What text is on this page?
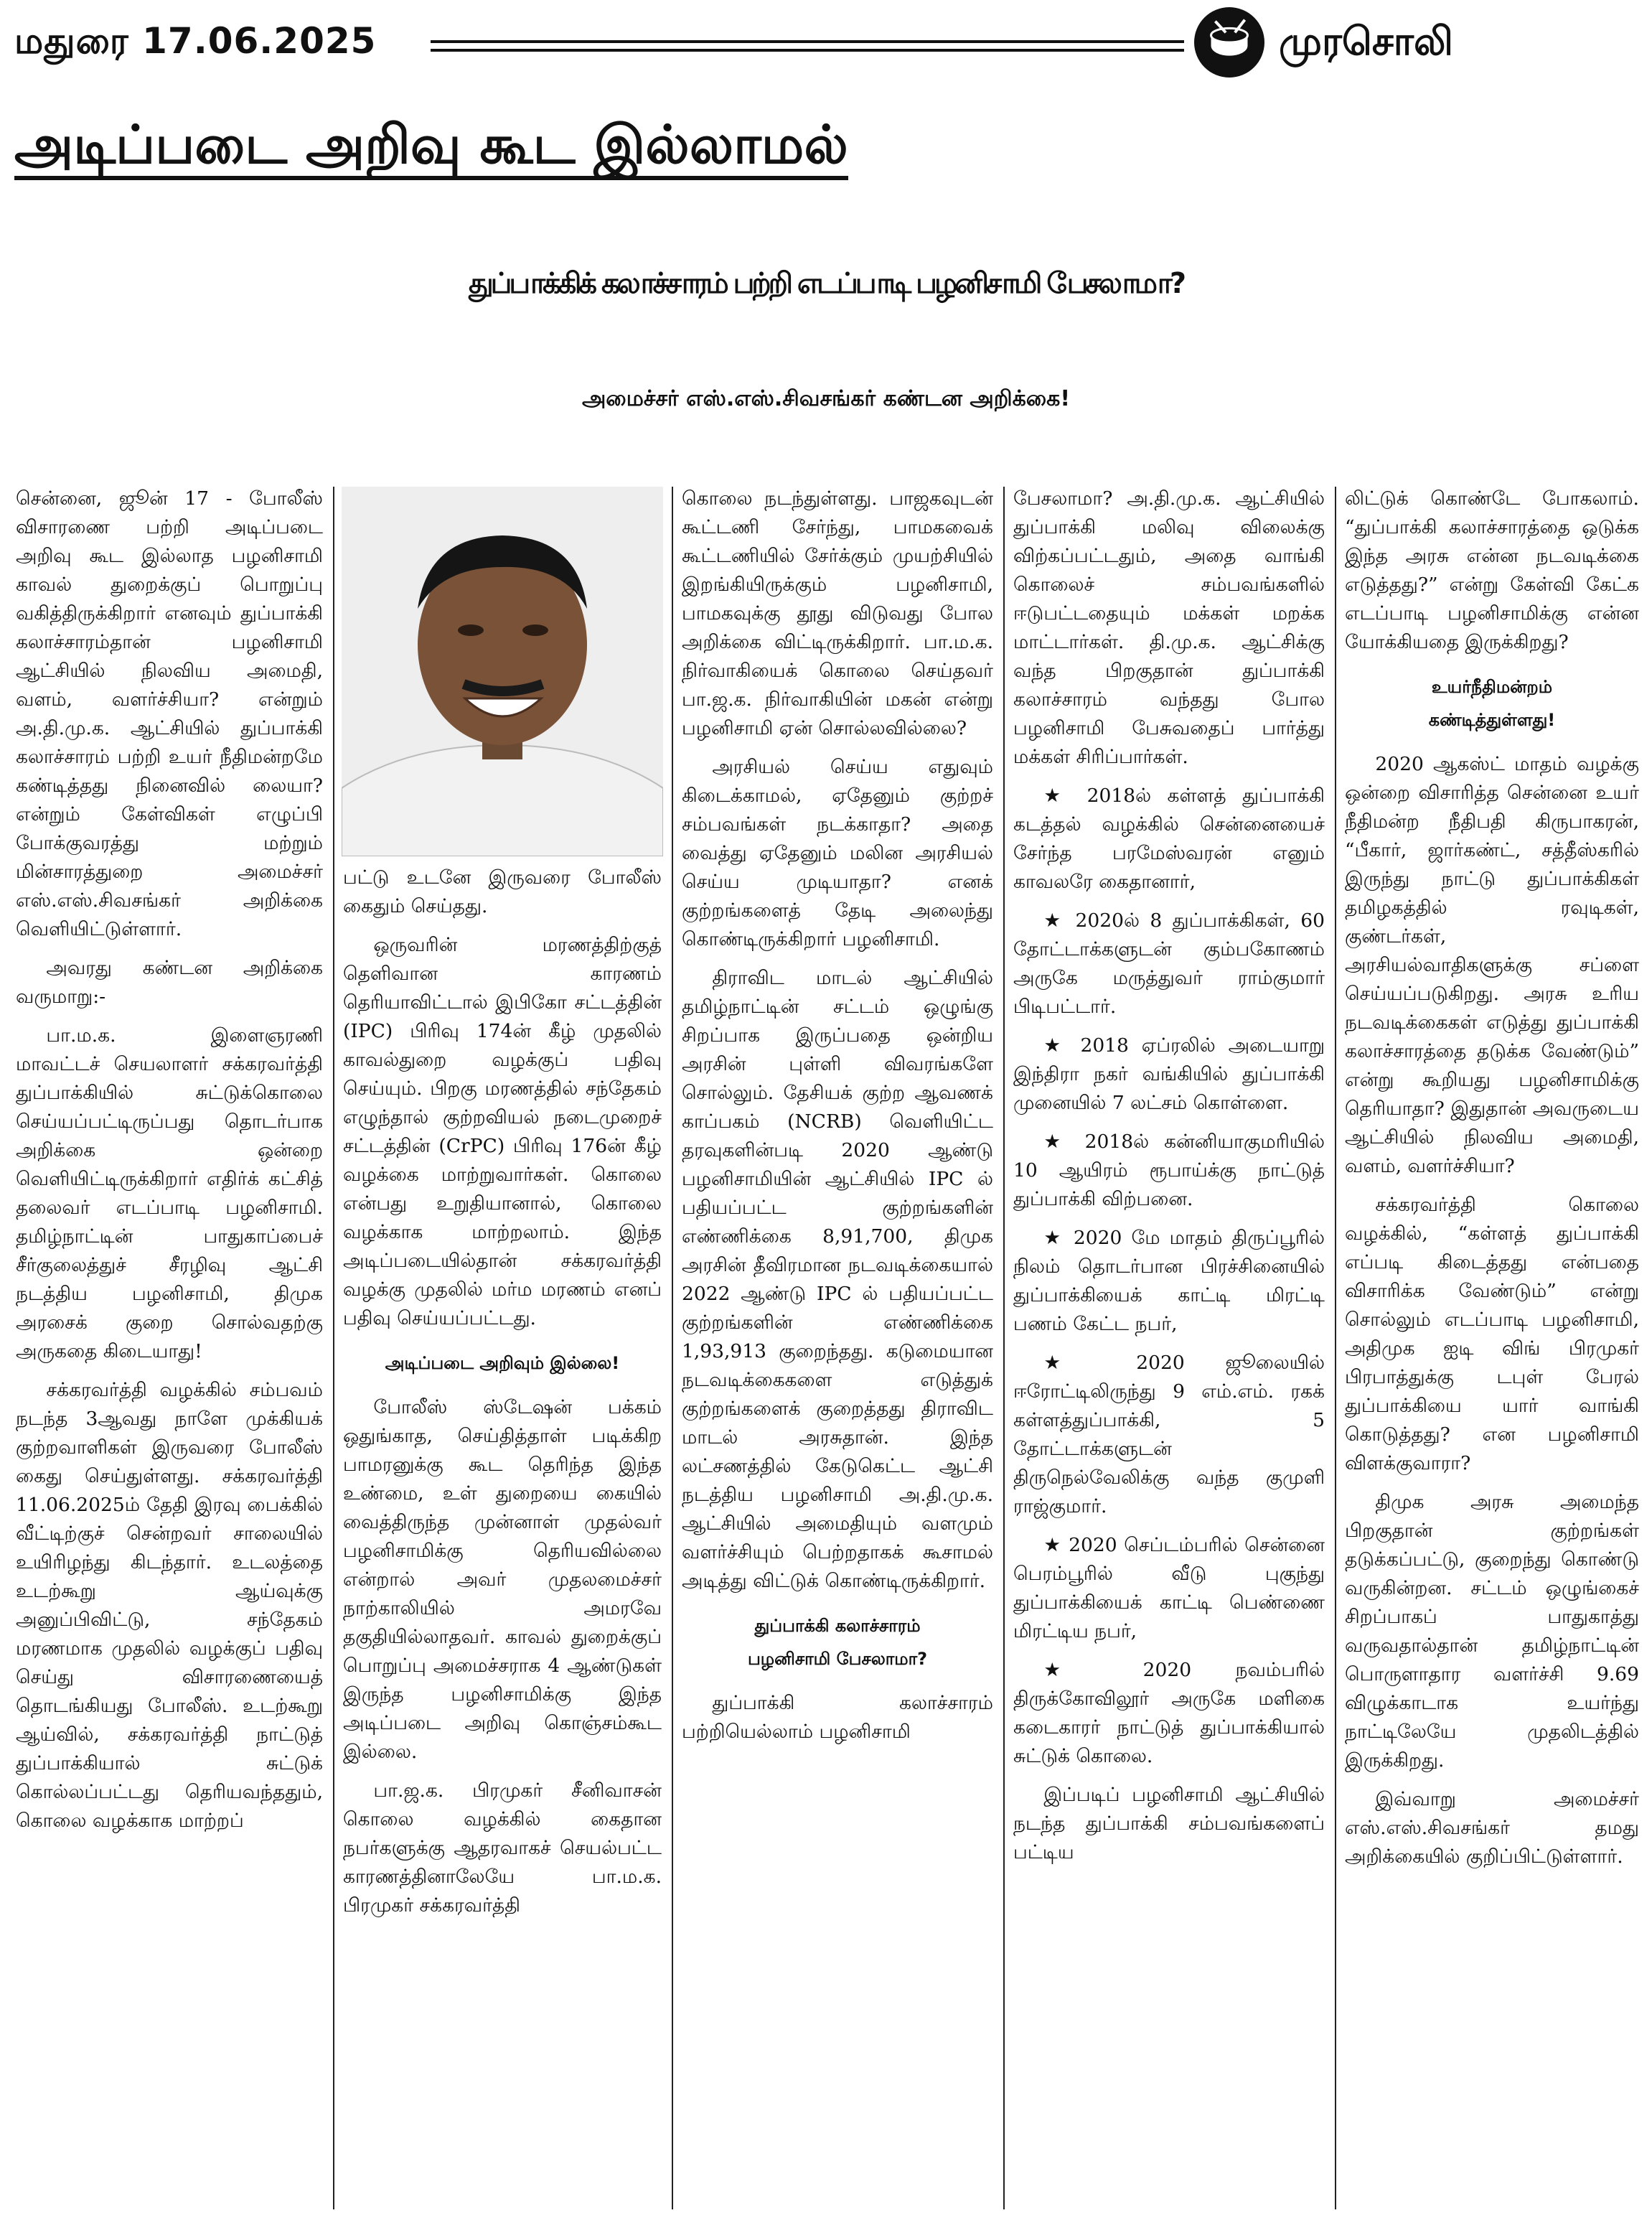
மதுரை 17.06.2025	முரசொலி
அடிப்படை அறிவு கூட இல்லாமல்
துப்பாக்கிக் கலாச்சாரம் பற்றி எடப்பாடி பழனிசாமி பேசலாமா?
அமைச்சர் எஸ்.எஸ்.சிவசங்கர் கண்டன அறிக்கை!

சென்னை, ஜூன் 17 - போலீஸ் விசாரணை பற்றி அடிப்படை அறிவு கூட இல்லாத பழனிசாமி காவல் துறைக்குப் பொறுப்பு வகித்திருக்கிறார் எனவும் துப்பாக்கி கலாச்சாரம்தான் பழனிசாமி ஆட்சியில் நிலவிய அமைதி, வளம், வளர்ச்சியா? என்றும் அ.தி.மு.க. ஆட்சியில் துப்பாக்கி கலாச்சாரம் பற்றி உயர் நீதிமன்றமே கண்டித்தது நினைவில் லையா? என்றும் கேள்விகள் எழுப்பி போக்குவரத்து மற்றும் மின்சாரத்துறை அமைச்சர் எஸ்.எஸ்.சிவசங்கர் அறிக்கை வெளியிட்டுள்ளார்.

அவரது கண்டன அறிக்கை வருமாறு:-

பா.ம.க. இளைஞரணி மாவட்டச் செயலாளர் சக்கரவர்த்தி துப்பாக்கியில் சுட்டுக்கொலை செய்யப்பட்டிருப்பது தொடர்பாக அறிக்கை ஒன்றை வெளியிட்டிருக்கிறார் எதிர்க் கட்சித் தலைவர் எடப்பாடி பழனிசாமி. தமிழ்நாட்டின் பாதுகாப்பைச் சீர்குலைத்துச் சீரழிவு ஆட்சி நடத்திய பழனிசாமி, திமுக அரசைக் குறை சொல்வதற்கு அருகதை கிடையாது!

சக்கரவர்த்தி வழக்கில் சம்பவம் நடந்த 3ஆவது நாளே முக்கியக் குற்றவாளிகள் இருவரை போலீஸ் கைது செய்துள்ளது. சக்கரவர்த்தி 11.06.2025ம் தேதி இரவு பைக்கில் வீட்டிற்குச் சென்றவர் சாலையில் உயிரிழந்து கிடந்தார். உடலத்தை உடற்கூறு ஆய்வுக்கு அனுப்பிவிட்டு, சந்தேகம் மரணமாக முதலில் வழக்குப் பதிவு செய்து விசாரணையைத் தொடங்கியது போலீஸ். உடற்கூறு ஆய்வில், சக்கரவர்த்தி நாட்டுத் துப்பாக்கியால் சுட்டுக் கொல்லப்பட்டது தெரியவந்ததும், கொலை வழக்காக மாற்றப்

பட்டு உடனே இருவரை போலீஸ் கைதும் செய்தது.

ஒருவரின் மரணத்திற்குத் தெளிவான காரணம் தெரியாவிட்டால் இபிகோ சட்டத்தின் (IPC) பிரிவு 174ன் கீழ் முதலில் காவல்துறை வழக்குப் பதிவு செய்யும். பிறகு மரணத்தில் சந்தேகம் எழுந்தால் குற்றவியல் நடைமுறைச் சட்டத்தின் (CrPC) பிரிவு 176ன் கீழ் வழக்கை மாற்றுவார்கள். கொலை என்பது உறுதியானால், கொலை வழக்காக மாற்றலாம். இந்த அடிப்படையில்தான் சக்கரவர்த்தி வழக்கு முதலில் மர்ம மரணம் எனப் பதிவு செய்யப்பட்டது.

அடிப்படை அறிவும் இல்லை!

போலீஸ் ஸ்டேஷன் பக்கம் ஒதுங்காத, செய்தித்தாள் படிக்கிற பாமரனுக்கு கூட தெரிந்த இந்த உண்மை, உள் துறையை கையில் வைத்திருந்த முன்னாள் முதல்வர் பழனிசாமிக்கு தெரியவில்லை என்றால் அவர் முதலமைச்சர் நாற்காலியில் அமரவே தகுதியில்லாதவர். காவல் துறைக்குப் பொறுப்பு அமைச்சராக 4 ஆண்டுகள் இருந்த பழனிசாமிக்கு இந்த அடிப்படை அறிவு கொஞ்சம்கூட இல்லை.

பா.ஜ.க. பிரமுகர் சீனிவாசன் கொலை வழக்கில் கைதான நபர்களுக்கு ஆதரவாகச் செயல்பட்ட காரணத்தினாலேயே பா.ம.க. பிரமுகர் சக்கரவர்த்தி

கொலை நடந்துள்ளது. பாஜகவுடன் கூட்டணி சேர்ந்து, பாமகவைக் கூட்டணியில் சேர்க்கும் முயற்சியில் இறங்கியிருக்கும் பழனிசாமி, பாமகவுக்கு தூது விடுவது போல அறிக்கை விட்டிருக்கிறார். பா.ம.க. நிர்வாகியைக் கொலை செய்தவர் பா.ஜ.க. நிர்வாகியின் மகன் என்று பழனிசாமி ஏன் சொல்லவில்லை?

அரசியல் செய்ய எதுவும் கிடைக்காமல், ஏதேனும் குற்றச் சம்பவங்கள் நடக்காதா? அதை வைத்து ஏதேனும் மலின அரசியல் செய்ய முடியாதா? எனக் குற்றங்களைத் தேடி அலைந்து கொண்டிருக்கிறார் பழனிசாமி.

திராவிட மாடல் ஆட்சியில் தமிழ்நாட்டின் சட்டம் ஒழுங்கு சிறப்பாக இருப்பதை ஒன்றிய அரசின் புள்ளி விவரங்களே சொல்லும். தேசியக் குற்ற ஆவணக் காப்பகம் (NCRB) வெளியிட்ட தரவுகளின்படி 2020 ஆண்டு பழனிசாமியின் ஆட்சியில் IPC ல் பதியப்பட்ட குற்றங்களின் எண்ணிக்கை 8,91,700, திமுக அரசின் தீவிரமான நடவடிக்கையால் 2022 ஆண்டு IPC ல் பதியப்பட்ட குற்றங்களின் எண்ணிக்கை 1,93,913 குறைந்தது. கடுமையான நடவடிக்கைகளை எடுத்துக் குற்றங்களைக் குறைத்தது திராவிட மாடல் அரசுதான். இந்த லட்சணத்தில் கேடுகெட்ட ஆட்சி நடத்திய பழனிசாமி அ.தி.மு.க. ஆட்சியில் அமைதியும் வளமும் வளர்ச்சியும் பெற்றதாகக் கூசாமல் அடித்து விட்டுக் கொண்டிருக்கிறார்.

துப்பாக்கி கலாச்சாரம்
பழனிசாமி பேசலாமா?

துப்பாக்கி கலாச்சாரம் பற்றியெல்லாம் பழனிசாமி

பேசலாமா? அ.தி.மு.க. ஆட்சியில் துப்பாக்கி மலிவு விலைக்கு விற்கப்பட்டதும், அதை வாங்கி கொலைச் சம்பவங்களில் ஈடுபட்டதையும் மக்கள் மறக்க மாட்டார்கள். தி.மு.க. ஆட்சிக்கு வந்த பிறகுதான் துப்பாக்கி கலாச்சாரம் வந்தது போல பழனிசாமி பேசுவதைப் பார்த்து மக்கள் சிரிப்பார்கள்.

★ 2018ல் கள்ளத் துப்பாக்கி கடத்தல் வழக்கில் சென்னையைச் சேர்ந்த பரமேஸ்வரன் எனும் காவலரே கைதானார்,

★ 2020ல் 8 துப்பாக்கிகள், 60 தோட்டாக்களுடன் கும்பகோணம் அருகே மருத்துவர் ராம்குமார் பிடிபட்டார்.

★ 2018 ஏப்ரலில் அடையாறு இந்திரா நகர் வங்கியில் துப்பாக்கி முனையில் 7 லட்சம் கொள்ளை.

★ 2018ல் கன்னியாகுமரியில் 10 ஆயிரம் ரூபாய்க்கு நாட்டுத் துப்பாக்கி விற்பனை.

★ 2020 மே மாதம் திருப்பூரில் நிலம் தொடர்பான பிரச்சினையில் துப்பாக்கியைக் காட்டி மிரட்டி பணம் கேட்ட நபர்,

★ 2020 ஜூலையில் ஈரோட்டிலிருந்து 9 எம்.எம். ரகக் கள்ளத்துப்பாக்கி, 5 தோட்டாக்களுடன் திருநெல்வேலிக்கு வந்த குமுளி ராஜ்குமார்.

★ 2020 செப்டம்பரில் சென்னை பெரம்பூரில் வீடு புகுந்து துப்பாக்கியைக் காட்டி பெண்ணை மிரட்டிய நபர்,

★ 2020 நவம்பரில் திருக்கோவிலூர் அருகே மளிகை கடைகாரர் நாட்டுத் துப்பாக்கியால் சுட்டுக் கொலை.

இப்படிப் பழனிசாமி ஆட்சியில் நடந்த துப்பாக்கி சம்பவங்களைப் பட்டிய

லிட்டுக் கொண்டே போகலாம். “துப்பாக்கி கலாச்சாரத்தை ஒடுக்க இந்த அரசு என்ன நடவடிக்கை எடுத்தது?” என்று கேள்வி கேட்க எடப்பாடி பழனிசாமிக்கு என்ன யோக்கியதை இருக்கிறது?

உயர்நீதிமன்றம்
கண்டித்துள்ளது!

2020 ஆகஸ்ட் மாதம் வழக்கு ஒன்றை விசாரித்த சென்னை உயர் நீதிமன்ற நீதிபதி கிருபாகரன், “பீகார், ஜார்கண்ட், சத்தீஸ்கரில் இருந்து நாட்டு துப்பாக்கிகள் தமிழகத்தில் ரவுடிகள், குண்டர்கள், அரசியல்வாதிகளுக்கு சப்ளை செய்யப்படுகிறது. அரசு உரிய நடவடிக்கைகள் எடுத்து துப்பாக்கி கலாச்சாரத்தை தடுக்க வேண்டும்” என்று கூறியது பழனிசாமிக்கு தெரியாதா? இதுதான் அவருடைய ஆட்சியில் நிலவிய அமைதி, வளம், வளர்ச்சியா?

சக்கரவர்த்தி கொலை வழக்கில், “கள்ளத் துப்பாக்கி எப்படி கிடைத்தது என்பதை விசாரிக்க வேண்டும்” என்று சொல்லும் எடப்பாடி பழனிசாமி, அதிமுக ஐடி விங் பிரமுகர் பிரபாத்துக்கு டபுள் பேரல் துப்பாக்கியை யார் வாங்கி கொடுத்தது? என பழனிசாமி விளக்குவாரா?

திமுக அரசு அமைந்த பிறகுதான் குற்றங்கள் தடுக்கப்பட்டு, குறைந்து கொண்டு வருகின்றன. சட்டம் ஒழுங்கைச் சிறப்பாகப் பாதுகாத்து வருவதால்தான் தமிழ்நாட்டின் பொருளாதார வளர்ச்சி 9.69 விழுக்காடாக உயர்ந்து நாட்டிலேயே முதலிடத்தில் இருக்கிறது.

இவ்வாறு அமைச்சர் எஸ்.எஸ்.சிவசங்கர் தமது அறிக்கையில் குறிப்பிட்டுள்ளார்.
